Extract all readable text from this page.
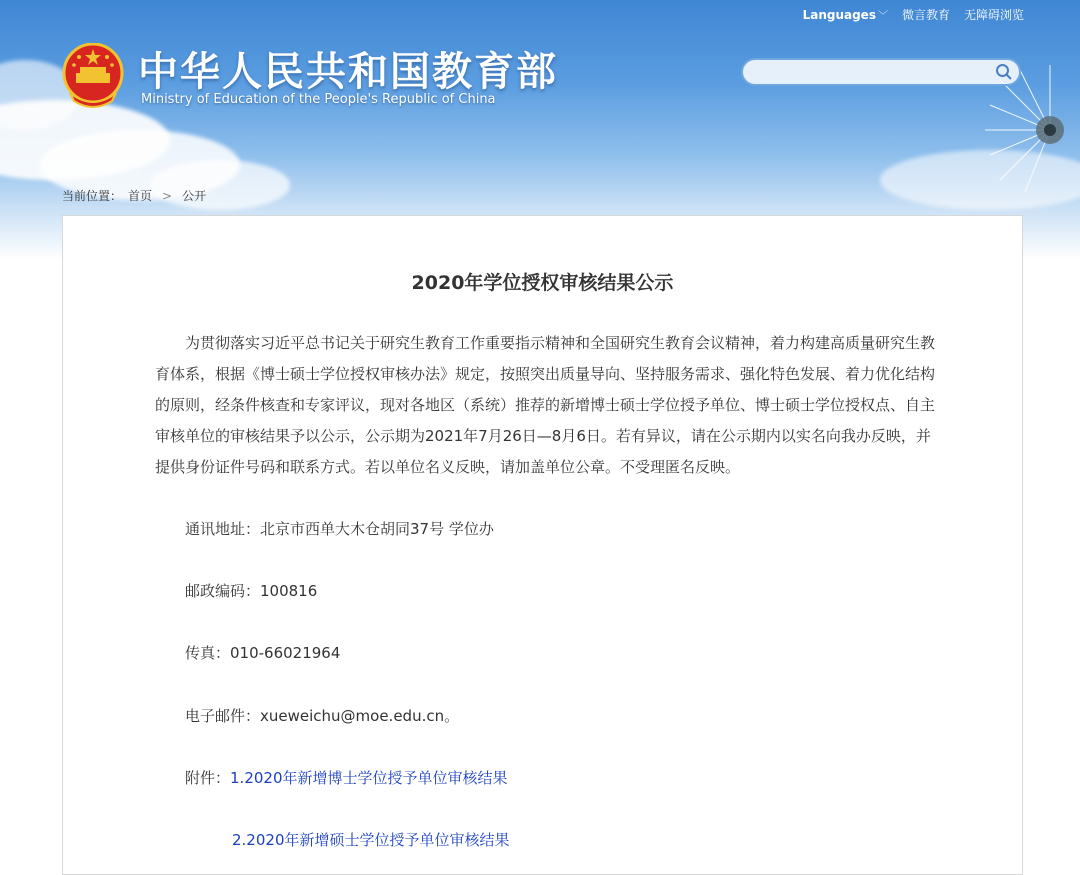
Languages ﹀ 微言教育 无障碍浏览
中华人民共和国教育部
Ministry of Education of the People's Republic of China
当前位置： 首页 > 公开
2020年学位授权审核结果公示

为贯彻落实习近平总书记关于研究生教育工作重要指示精神和全国研究生教育会议精神，着力构建高质量研究生教育体系，根据《博士硕士学位授权审核办法》规定，按照突出质量导向、坚持服务需求、强化特色发展、着力优化结构的原则，经条件核查和专家评议，现对各地区（系统）推荐的新增博士硕士学位授予单位、博士硕士学位授权点、自主审核单位的审核结果予以公示，公示期为2021年7月26日—8月6日。若有异议，请在公示期内以实名向我办反映，并提供身份证件号码和联系方式。若以单位名义反映，请加盖单位公章。不受理匿名反映。

通讯地址：北京市西单大木仓胡同37号 学位办
邮政编码：100816
传真：010-66021964
电子邮件：xueweichu@moe.edu.cn。
附件：1.2020年新增博士学位授予单位审核结果
2.2020年新增硕士学位授予单位审核结果
